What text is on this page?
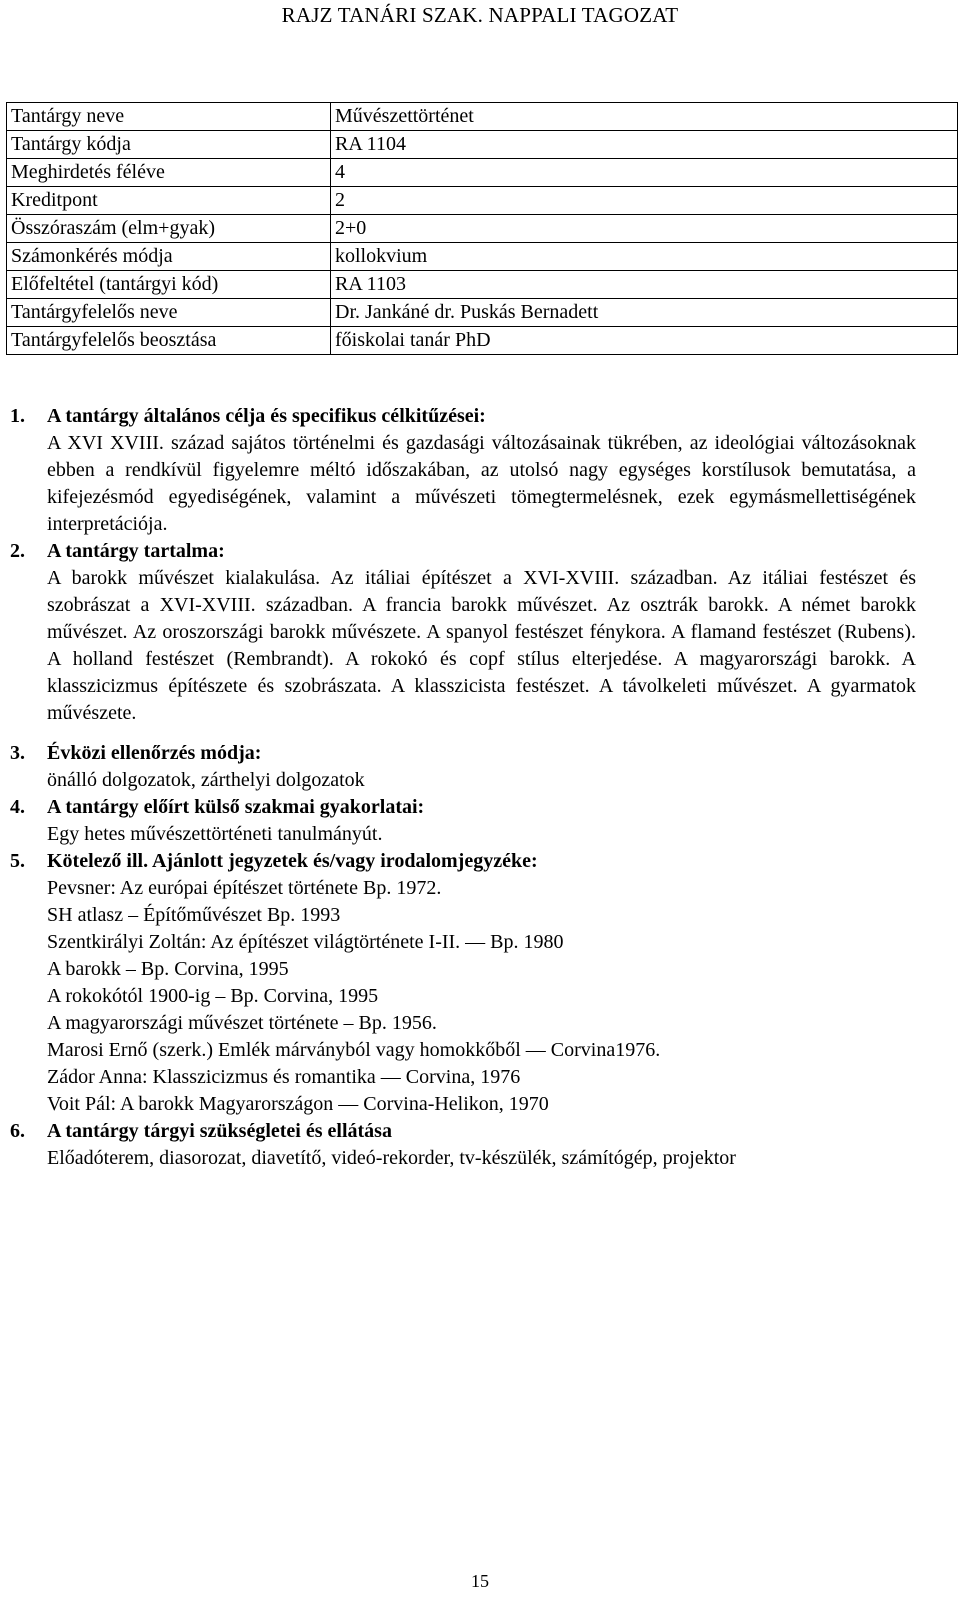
RAJZ TANÁRI SZAK. NAPPALI TAGOZAT
Tantárgy neve	Művészettörténet
Tantárgy kódja	RA 1104
Meghirdetés féléve	4
Kreditpont	2
Összóraszám (elm+gyak)	2+0
Számonkérés módja	kollokvium
Előfeltétel (tantárgyi kód)	RA 1103
Tantárgyfelelős neve	Dr. Jankáné dr. Puskás Bernadett
Tantárgyfelelős beosztása	főiskolai tanár PhD
1.	A tantárgy általános célja és specifikus célkitűzései:
A XVI XVIII. század sajátos történelmi és gazdasági változásainak tükrében, az ideológiai változásoknak ebben a rendkívül figyelemre méltó időszakában, az utolsó nagy egységes korstílusok bemutatása, a kifejezésmód egyediségének, valamint a művészeti tömegtermelésnek, ezek egymásmellettiségének interpretációja.
2.	A tantárgy tartalma:
A barokk művészet kialakulása. Az itáliai építészet a XVI-XVIII. században. Az itáliai festészet és szobrászat a XVI-XVIII. században. A francia barokk művészet. Az osztrák barokk. A német barokk művészet. Az oroszországi barokk művészete. A spanyol festészet fénykora. A flamand festészet (Rubens). A holland festészet (Rembrandt). A rokokó és copf stílus elterjedése. A magyarországi barokk. A klasszicizmus építészete és szobrászata. A klasszicista festészet. A távolkeleti művészet. A gyarmatok művészete.
3.	Évközi ellenőrzés módja:
önálló dolgozatok, zárthelyi dolgozatok
4.	A tantárgy előírt külső szakmai gyakorlatai:
Egy hetes művészettörténeti tanulmányút.
5.	Kötelező ill. Ajánlott jegyzetek és/vagy irodalomjegyzéke:
Pevsner: Az európai építészet története Bp. 1972.
SH atlasz – Építőművészet Bp. 1993
Szentkirályi Zoltán: Az építészet világtörténete I-II. — Bp. 1980
A barokk – Bp. Corvina, 1995
A rokokótól 1900-ig – Bp. Corvina, 1995
A magyarországi művészet története – Bp. 1956.
Marosi Ernő (szerk.) Emlék márványból vagy homokkőből — Corvina1976.
Zádor Anna: Klasszicizmus és romantika — Corvina, 1976
Voit Pál: A barokk Magyarországon — Corvina-Helikon, 1970
6.	A tantárgy tárgyi szükségletei és ellátása
Előadóterem, diasorozat, diavetítő, videó-rekorder, tv-készülék, számítógép, projektor
15
